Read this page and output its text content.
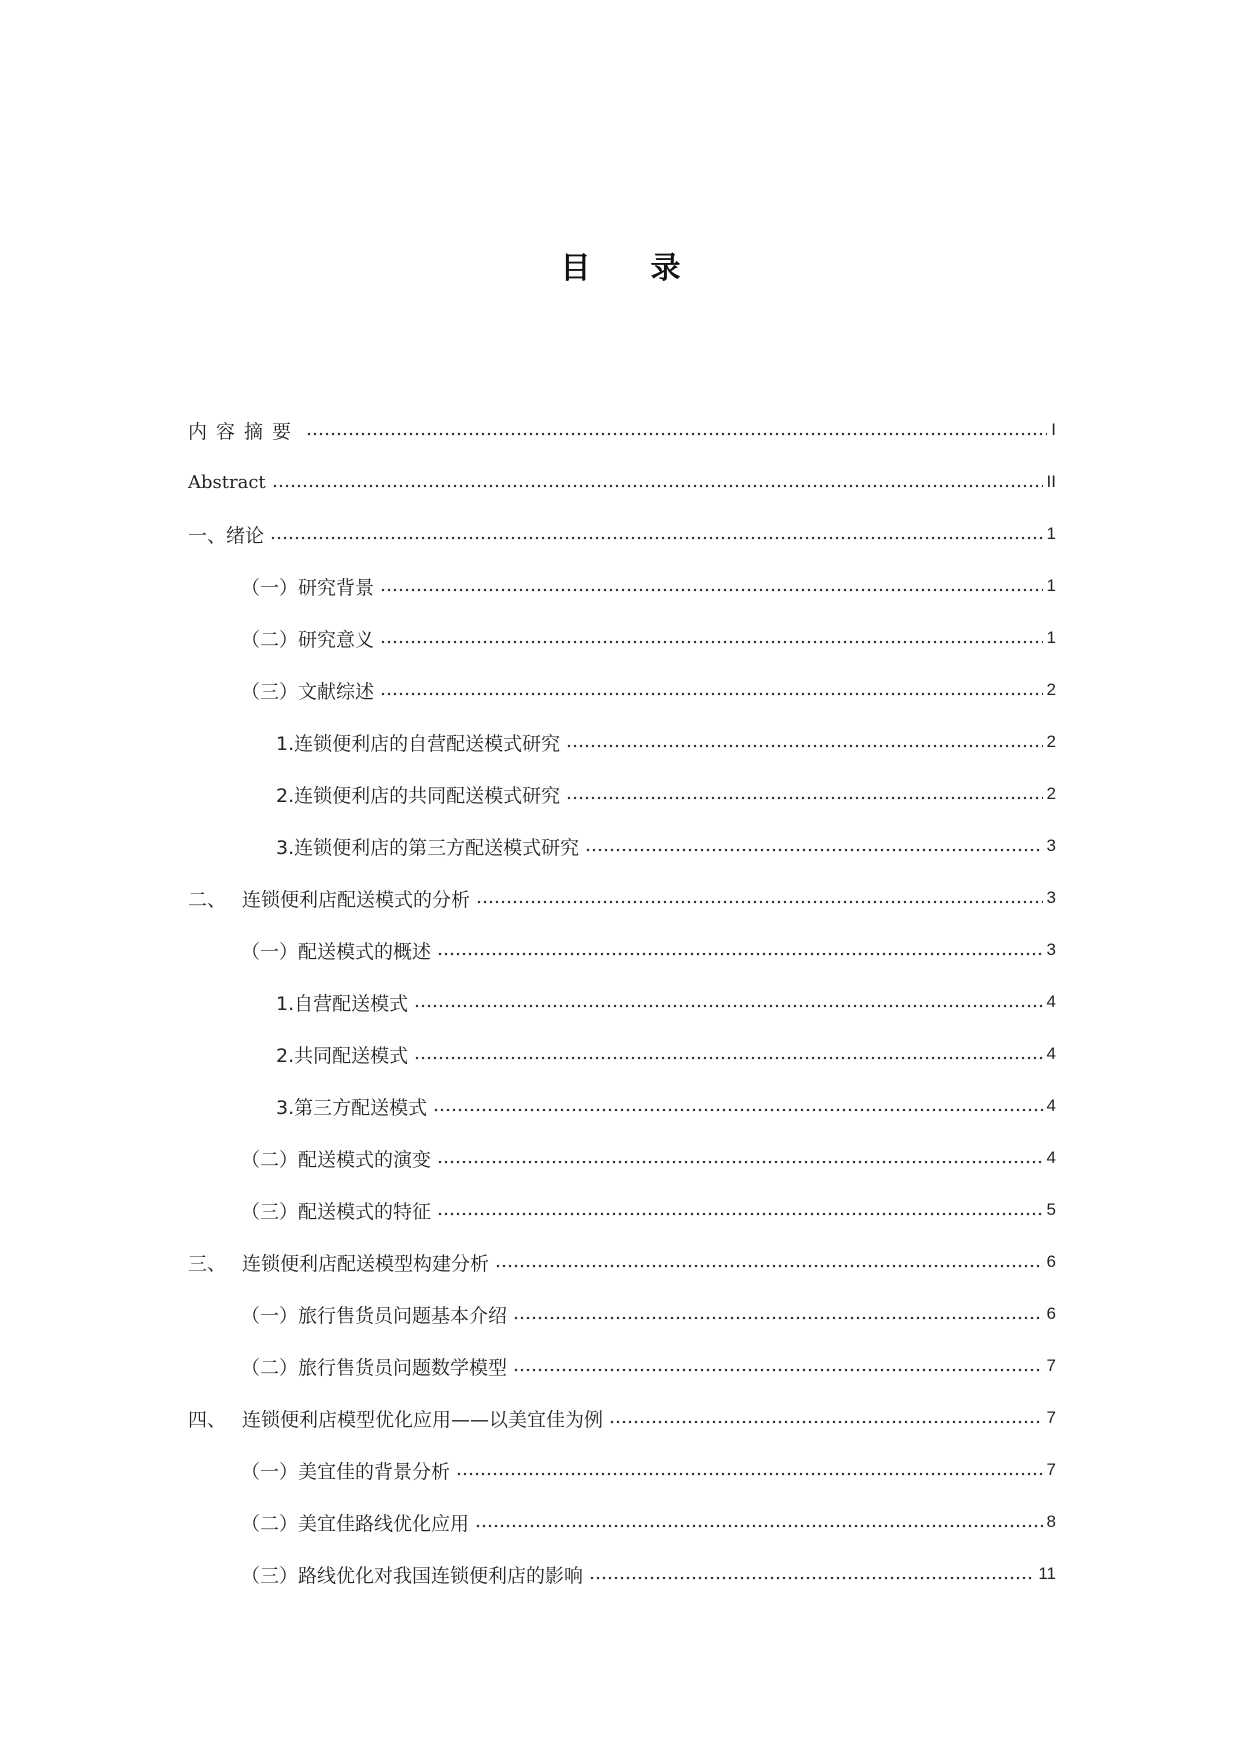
目 录
内容摘要	I
Abstract	II
一、绪论	1
（一）研究背景	1
（二）研究意义	1
（三）文献综述	2
1.连锁便利店的自营配送模式研究	2
2.连锁便利店的共同配送模式研究	2
3.连锁便利店的第三方配送模式研究	3
二、 连锁便利店配送模式的分析	3
（一）配送模式的概述	3
1.自营配送模式	4
2.共同配送模式	4
3.第三方配送模式	4
（二）配送模式的演变	4
（三）配送模式的特征	5
三、 连锁便利店配送模型构建分析	6
（一）旅行售货员问题基本介绍	6
（二）旅行售货员问题数学模型	7
四、 连锁便利店模型优化应用——以美宜佳为例	7
（一）美宜佳的背景分析	7
（二）美宜佳路线优化应用	8
（三）路线优化对我国连锁便利店的影响	11
